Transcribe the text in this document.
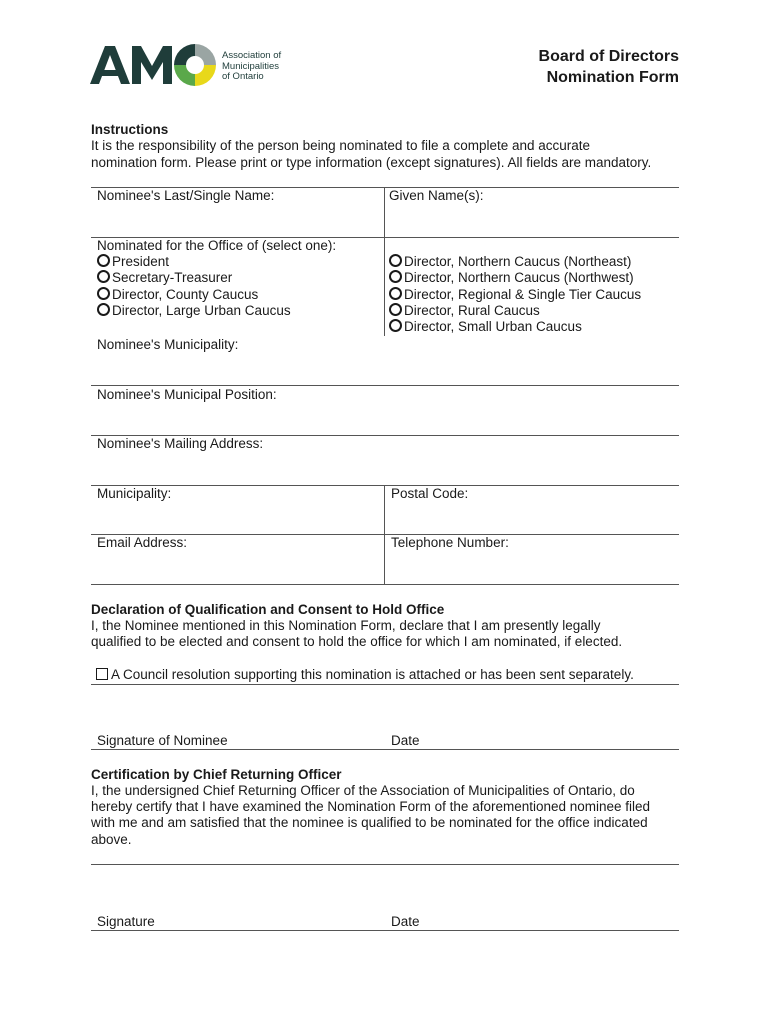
Association of
Municipalities
of Ontario
Board of Directors
Nomination Form
Instructions
It is the responsibility of the person being nominated to file a complete and accurate
nomination form. Please print or type information (except signatures). All fields are mandatory.
Nominee's Last/Single Name:	Given Name(s):
Nominated for the Office of (select one):
President
Secretary-Treasurer
Director, County Caucus
Director, Large Urban Caucus
Director, Northern Caucus (Northeast)
Director, Northern Caucus (Northwest)
Director, Regional & Single Tier Caucus
Director, Rural Caucus
Director, Small Urban Caucus
Nominee's Municipality:
Nominee's Municipal Position:
Nominee's Mailing Address:
Municipality:	Postal Code:
Email Address:	Telephone Number:
Declaration of Qualification and Consent to Hold Office
I, the Nominee mentioned in this Nomination Form, declare that I am presently legally
qualified to be elected and consent to hold the office for which I am nominated, if elected.
A Council resolution supporting this nomination is attached or has been sent separately.
Signature of Nominee	Date
Certification by Chief Returning Officer
I, the undersigned Chief Returning Officer of the Association of Municipalities of Ontario, do
hereby certify that I have examined the Nomination Form of the aforementioned nominee filed
with me and am satisfied that the nominee is qualified to be nominated for the office indicated
above.
Signature	Date
